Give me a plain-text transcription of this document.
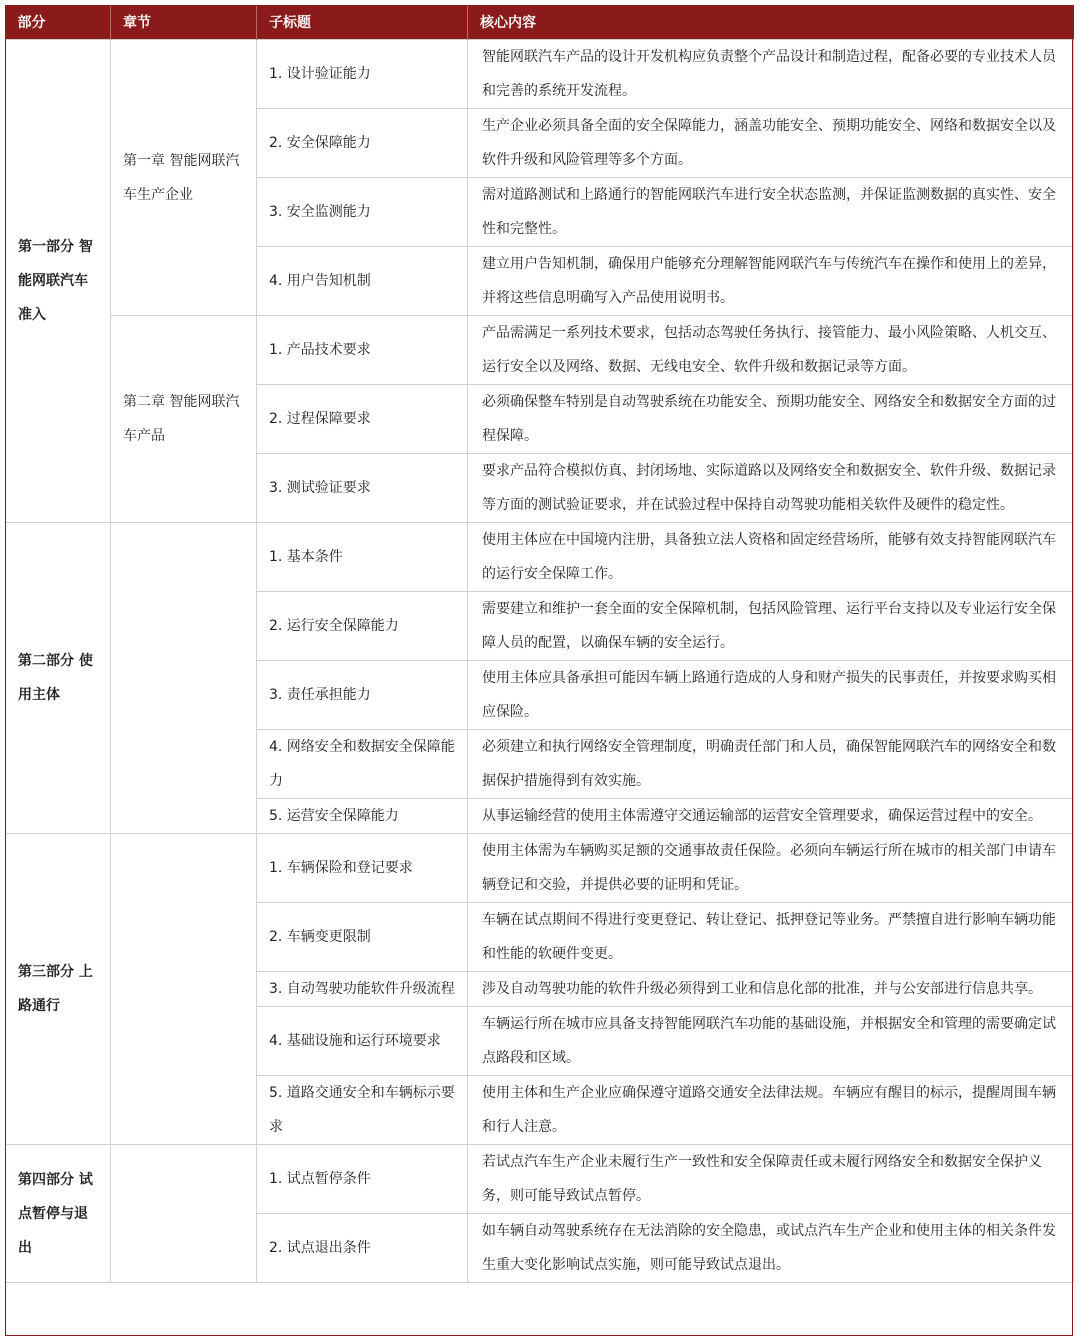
部分	章节	子标题	核心内容
第一部分 智能网联汽车准入	第一章 智能网联汽车生产企业	1. 设计验证能力	智能网联汽车产品的设计开发机构应负责整个产品设计和制造过程，配备必要的专业技术人员和完善的系统开发流程。
		2. 安全保障能力	生产企业必须具备全面的安全保障能力，涵盖功能安全、预期功能安全、网络和数据安全以及软件升级和风险管理等多个方面。
		3. 安全监测能力	需对道路测试和上路通行的智能网联汽车进行安全状态监测，并保证监测数据的真实性、安全性和完整性。
		4. 用户告知机制	建立用户告知机制，确保用户能够充分理解智能网联汽车与传统汽车在操作和使用上的差异，并将这些信息明确写入产品使用说明书。
	第二章 智能网联汽车产品	1. 产品技术要求	产品需满足一系列技术要求，包括动态驾驶任务执行、接管能力、最小风险策略、人机交互、运行安全以及网络、数据、无线电安全、软件升级和数据记录等方面。
		2. 过程保障要求	必须确保整车特别是自动驾驶系统在功能安全、预期功能安全、网络安全和数据安全方面的过程保障。
		3. 测试验证要求	要求产品符合模拟仿真、封闭场地、实际道路以及网络安全和数据安全、软件升级、数据记录等方面的测试验证要求，并在试验过程中保持自动驾驶功能相关软件及硬件的稳定性。
第二部分 使用主体		1. 基本条件	使用主体应在中国境内注册，具备独立法人资格和固定经营场所，能够有效支持智能网联汽车的运行安全保障工作。
		2. 运行安全保障能力	需要建立和维护一套全面的安全保障机制，包括风险管理、运行平台支持以及专业运行安全保障人员的配置，以确保车辆的安全运行。
		3. 责任承担能力	使用主体应具备承担可能因车辆上路通行造成的人身和财产损失的民事责任，并按要求购买相应保险。
		4. 网络安全和数据安全保障能力	必须建立和执行网络安全管理制度，明确责任部门和人员，确保智能网联汽车的网络安全和数据保护措施得到有效实施。
		5. 运营安全保障能力	从事运输经营的使用主体需遵守交通运输部的运营安全管理要求，确保运营过程中的安全。
第三部分 上路通行		1. 车辆保险和登记要求	使用主体需为车辆购买足额的交通事故责任保险。必须向车辆运行所在城市的相关部门申请车辆登记和交验，并提供必要的证明和凭证。
		2. 车辆变更限制	车辆在试点期间不得进行变更登记、转让登记、抵押登记等业务。严禁擅自进行影响车辆功能和性能的软硬件变更。
		3. 自动驾驶功能软件升级流程	涉及自动驾驶功能的软件升级必须得到工业和信息化部的批准，并与公安部进行信息共享。
		4. 基础设施和运行环境要求	车辆运行所在城市应具备支持智能网联汽车功能的基础设施，并根据安全和管理的需要确定试点路段和区域。
		5. 道路交通安全和车辆标示要求	使用主体和生产企业应确保遵守道路交通安全法律法规。车辆应有醒目的标示，提醒周围车辆和行人注意。
第四部分 试点暂停与退出		1. 试点暂停条件	若试点汽车生产企业未履行生产一致性和安全保障责任或未履行网络安全和数据安全保护义务，则可能导致试点暂停。
		2. 试点退出条件	如车辆自动驾驶系统存在无法消除的安全隐患，或试点汽车生产企业和使用主体的相关条件发生重大变化影响试点实施，则可能导致试点退出。
